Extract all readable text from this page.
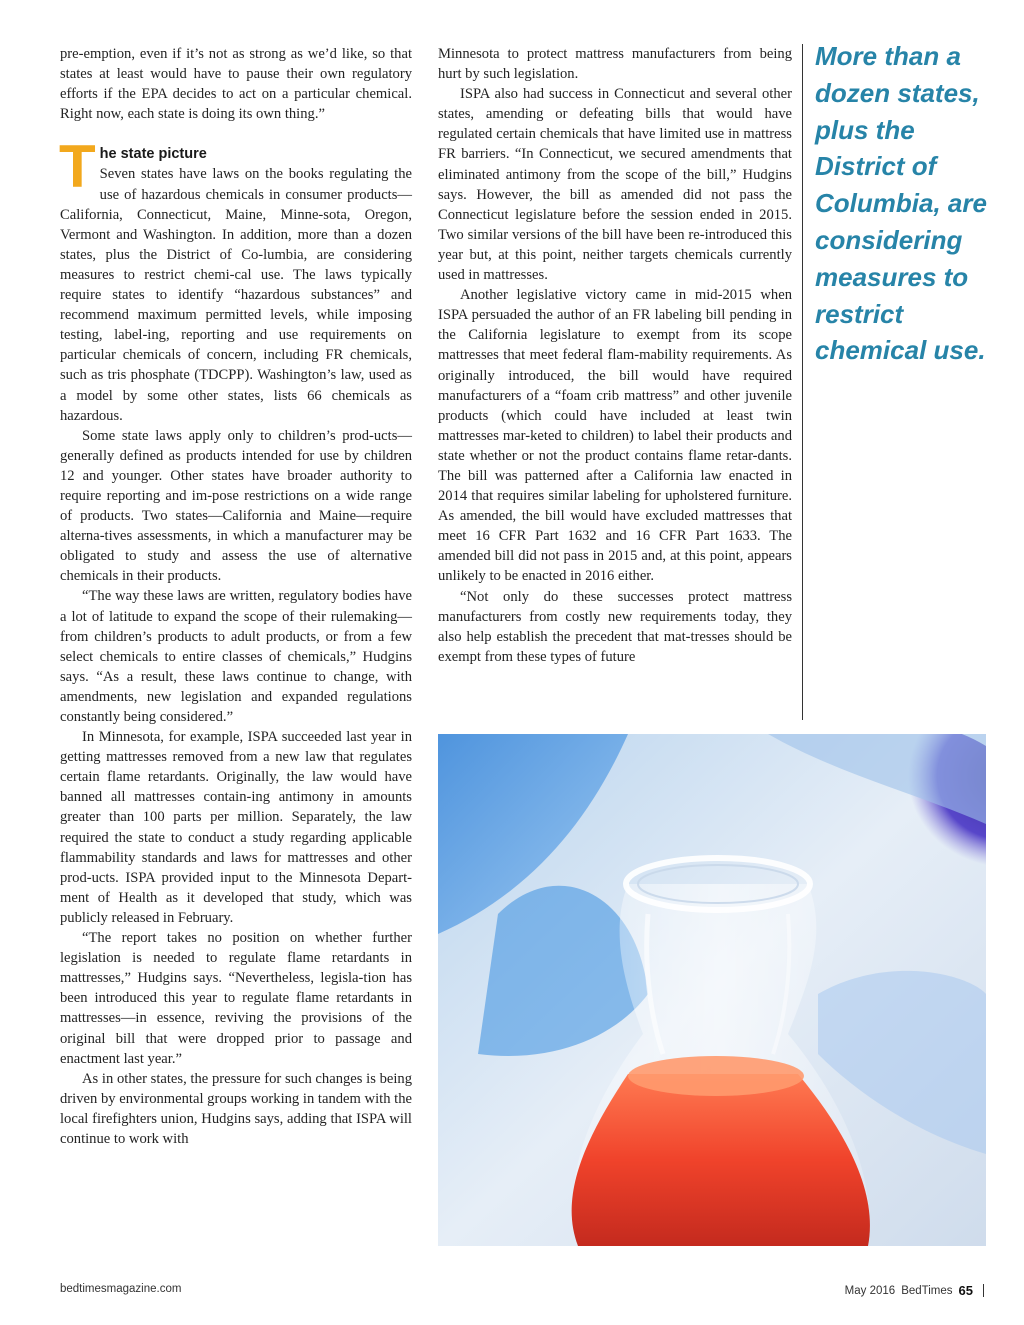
pre-emption, even if it’s not as strong as we’d like, so that states at least would have to pause their own regulatory efforts if the EPA decides to act on a particular chemical. Right now, each state is doing its own thing.”

T he state picture

Seven states have laws on the books regulating the use of hazardous chemicals in consumer products—California, Connecticut, Maine, Minne-sota, Oregon, Vermont and Washington. In addition, more than a dozen states, plus the District of Co-lumbia, are considering measures to restrict chemi-cal use. The laws typically require states to identify “hazardous substances” and recommend maximum permitted levels, while imposing testing, label-ing, reporting and use requirements on particular chemicals of concern, including FR chemicals, such as tris phosphate (TDCPP). Washington’s law, used as a model by some other states, lists 66 chemicals as hazardous.

Some state laws apply only to children’s prod-ucts—generally defined as products intended for use by children 12 and younger. Other states have broader authority to require reporting and im-pose restrictions on a wide range of products. Two states—California and Maine—require alterna-tives assessments, in which a manufacturer may be obligated to study and assess the use of alternative chemicals in their products.

“The way these laws are written, regulatory bodies have a lot of latitude to expand the scope of their rulemaking—from children’s products to adult products, or from a few select chemicals to entire classes of chemicals,” Hudgins says. “As a result, these laws continue to change, with amendments, new legislation and expanded regulations constantly being considered.”

In Minnesota, for example, ISPA succeeded last year in getting mattresses removed from a new law that regulates certain flame retardants. Originally, the law would have banned all mattresses contain-ing antimony in amounts greater than 100 parts per million. Separately, the law required the state to conduct a study regarding applicable flammability standards and laws for mattresses and other prod-ucts. ISPA provided input to the Minnesota Depart-ment of Health as it developed that study, which was publicly released in February.

“The report takes no position on whether further legislation is needed to regulate flame retardants in mattresses,” Hudgins says. “Nevertheless, legisla-tion has been introduced this year to regulate flame retardants in mattresses—in essence, reviving the provisions of the original bill that were dropped prior to passage and enactment last year.”

As in other states, the pressure for such changes is being driven by environmental groups working in tandem with the local firefighters union, Hudgins says, adding that ISPA will continue to work with

Minnesota to protect mattress manufacturers from being hurt by such legislation.

ISPA also had success in Connecticut and several other states, amending or defeating bills that would have regulated certain chemicals that have limited use in mattress FR barriers. “In Connecticut, we secured amendments that eliminated antimony from the scope of the bill,” Hudgins says. However, the bill as amended did not pass the Connecticut legislature before the session ended in 2015. Two similar versions of the bill have been re-introduced this year but, at this point, neither targets chemicals currently used in mattresses.

Another legislative victory came in mid-2015 when ISPA persuaded the author of an FR labeling bill pending in the California legislature to exempt from its scope mattresses that meet federal flam-mability requirements. As originally introduced, the bill would have required manufacturers of a “foam crib mattress” and other juvenile products (which could have included at least twin mattresses mar-keted to children) to label their products and state whether or not the product contains flame retar-dants. The bill was patterned after a California law enacted in 2014 that requires similar labeling for upholstered furniture. As amended, the bill would have excluded mattresses that meet 16 CFR Part 1632 and 16 CFR Part 1633. The amended bill did not pass in 2015 and, at this point, appears unlikely to be enacted in 2016 either.

“Not only do these successes protect mattress manufacturers from costly new requirements today, they also help establish the precedent that mat-tresses should be exempt from these types of future

More than a dozen states, plus the District of Columbia, are considering measures to restrict chemical use.
bedtimesmagazine.com	May 2016 BedTimes 65
